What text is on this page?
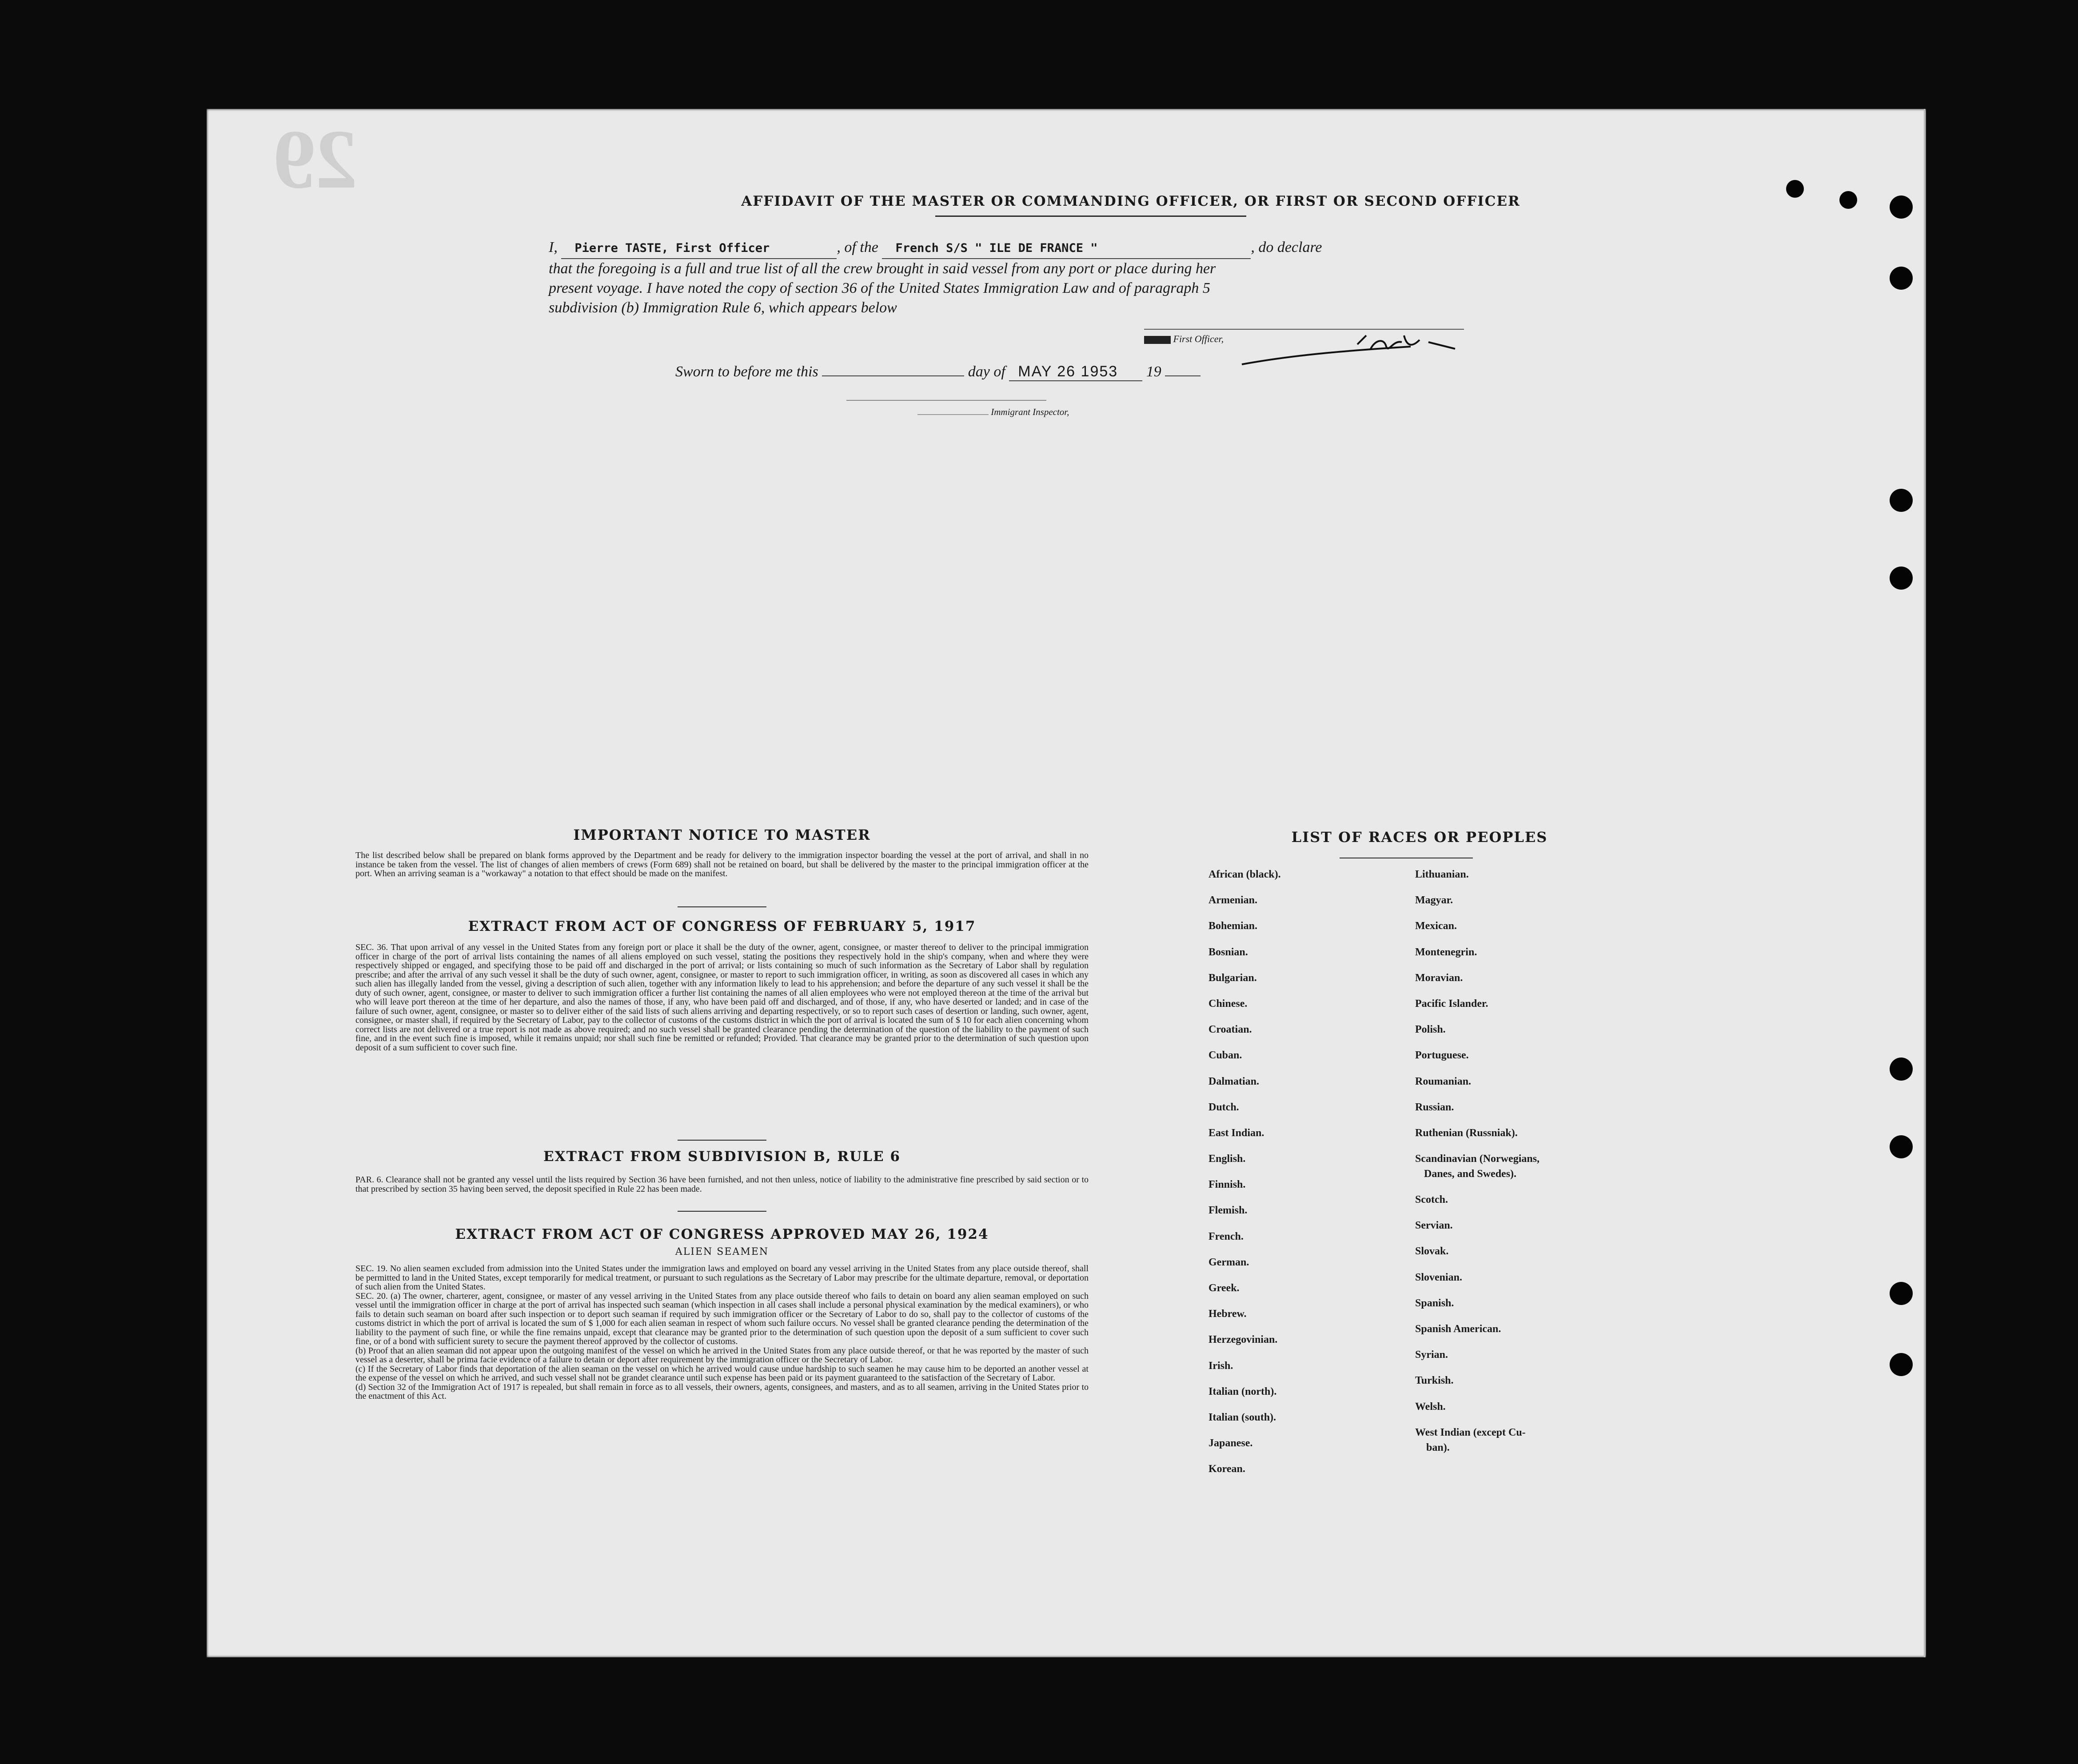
29	AFFIDAVIT OF THE MASTER OR COMMANDING OFFICER, OR FIRST OR SECOND OFFICER
I, Pierre TASTE, First Officer	, of the French S/S " ILE DE FRANCE "	, do declare
that the foregoing is a full and true list of all the crew brought in said vessel from any port or place during her
present voyage. I have noted the copy of section 36 of the United States Immigration Law and of paragraph 5
subdivision (b) Immigration Rule 6, which appears below
First Officer,
Sworn to before me this	day of MAY 26 1953 19
Immigrant Inspector,
IMPORTANT NOTICE TO MASTER
The list described below shall be prepared on blank forms approved by the Department and be ready for delivery to the immigration inspector boarding the vessel at the port of arrival, and shall in no instance be taken from the vessel. The list of changes of alien members of crews (Form 689) shall not be retained on board, but shall be delivered by the master to the principal immigration officer at the port. When an arriving seaman is a "workaway" a notation to that effect should be made on the manifest.
EXTRACT FROM ACT OF CONGRESS OF FEBRUARY 5, 1917
SEC. 36. That upon arrival of any vessel in the United States from any foreign port or place it shall be the duty of the owner, agent, consignee, or master thereof to deliver to the principal immigration officer in charge of the port of arrival lists containing the names of all aliens employed on such vessel, stating the positions they respectively hold in the ship's company, when and where they were respectively shipped or engaged, and specifying those to be paid off and discharged in the port of arrival; or lists containing so much of such information as the Secretary of Labor shall by regulation prescribe; and after the arrival of any such vessel it shall be the duty of such owner, agent, consignee, or master to report to such immigration officer, in writing, as soon as discovered all cases in which any such alien has illegally landed from the vessel, giving a description of such alien, together with any information likely to lead to his apprehension; and before the departure of any such vessel it shall be the duty of such owner, agent, consignee, or master to deliver to such immigration officer a further list containing the names of all alien employees who were not employed thereon at the time of the arrival but who will leave port thereon at the time of her departure, and also the names of those, if any, who have been paid off and discharged, and of those, if any, who have deserted or landed; and in case of the failure of such owner, agent, consignee, or master so to deliver either of the said lists of such aliens arriving and departing respectively, or so to report such cases of desertion or landing, such owner, agent, consignee, or master shall, if required by the Secretary of Labor, pay to the collector of customs of the customs district in which the port of arrival is located the sum of $ 10 for each alien concerning whom correct lists are not delivered or a true report is not made as above required; and no such vessel shall be granted clearance pending the determination of the question of the liability to the payment of such fine, and in the event such fine is imposed, while it remains unpaid; nor shall such fine be remitted or refunded; Provided. That clearance may be granted prior to the determination of such question upon deposit of a sum sufficient to cover such fine.
EXTRACT FROM SUBDIVISION B, RULE 6
PAR. 6. Clearance shall not be granted any vessel until the lists required by Section 36 have been furnished, and not then unless, notice of liability to the administrative fine prescribed by said section or to that prescribed by section 35 having been served, the deposit specified in Rule 22 has been made.
EXTRACT FROM ACT OF CONGRESS APPROVED MAY 26, 1924
ALIEN SEAMEN
SEC. 19. No alien seamen excluded from admission into the United States under the immigration laws and employed on board any vessel arriving in the United States from any place outside thereof, shall be permitted to land in the United States, except temporarily for medical treatment, or pursuant to such regulations as the Secretary of Labor may prescribe for the ultimate departure, removal, or deportation of such alien from the United States.
SEC. 20. (a) The owner, charterer, agent, consignee, or master of any vessel arriving in the United States from any place outside thereof who fails to detain on board any alien seaman employed on such vessel until the immigration officer in charge at the port of arrival has inspected such seaman (which inspection in all cases shall include a personal physical examination by the medical examiners), or who fails to detain such seaman on board after such inspection or to deport such seaman if required by such immigration officer or the Secretary of Labor to do so, shall pay to the collector of customs of the customs district in which the port of arrival is located the sum of $ 1,000 for each alien seaman in respect of whom such failure occurs. No vessel shall be granted clearance pending the determination of the liability to the payment of such fine, or while the fine remains unpaid, except that clearance may be granted prior to the determination of such question upon the deposit of a sum sufficient to cover such fine, or of a bond with sufficient surety to secure the payment thereof approved by the collector of customs.
(b) Proof that an alien seaman did not appear upon the outgoing manifest of the vessel on which he arrived in the United States from any place outside thereof, or that he was reported by the master of such vessel as a deserter, shall be prima facie evidence of a failure to detain or deport after requirement by the immigration officer or the Secretary of Labor.
(c) If the Secretary of Labor finds that deportation of the alien seaman on the vessel on which he arrived would cause undue hardship to such seamen he may cause him to be deported an another vessel at the expense of the vessel on which he arrived, and such vessel shall not be grandet clearance until such expense has been paid or its payment guaranteed to the satisfaction of the Secretary of Labor.
(d) Section 32 of the Immigration Act of 1917 is repealed, but shall remain in force as to all vessels, their owners, agents, consignees, and masters, and as to all seamen, arriving in the United States prior to the enactment of this Act.
LIST OF RACES OR PEOPLES
African (black).
Armenian.
Bohemian.
Bosnian.
Bulgarian.
Chinese.
Croatian.
Cuban.
Dalmatian.
Dutch.
East Indian.
English.
Finnish.
Flemish.
French.
German.
Greek.
Hebrew.
Herzegovinian.
Irish.
Italian (north).
Italian (south).
Japanese.
Korean.
Lithuanian.
Magyar.
Mexican.
Montenegrin.
Moravian.
Pacific Islander.
Polish.
Portuguese.
Roumanian.
Russian.
Ruthenian (Russniak).
Scandinavian (Norwegians,
Danes, and Swedes).
Scotch.
Servian.
Slovak.
Slovenian.
Spanish.
Spanish American.
Syrian.
Turkish.
Welsh.
West Indian (except Cu-
ban).
